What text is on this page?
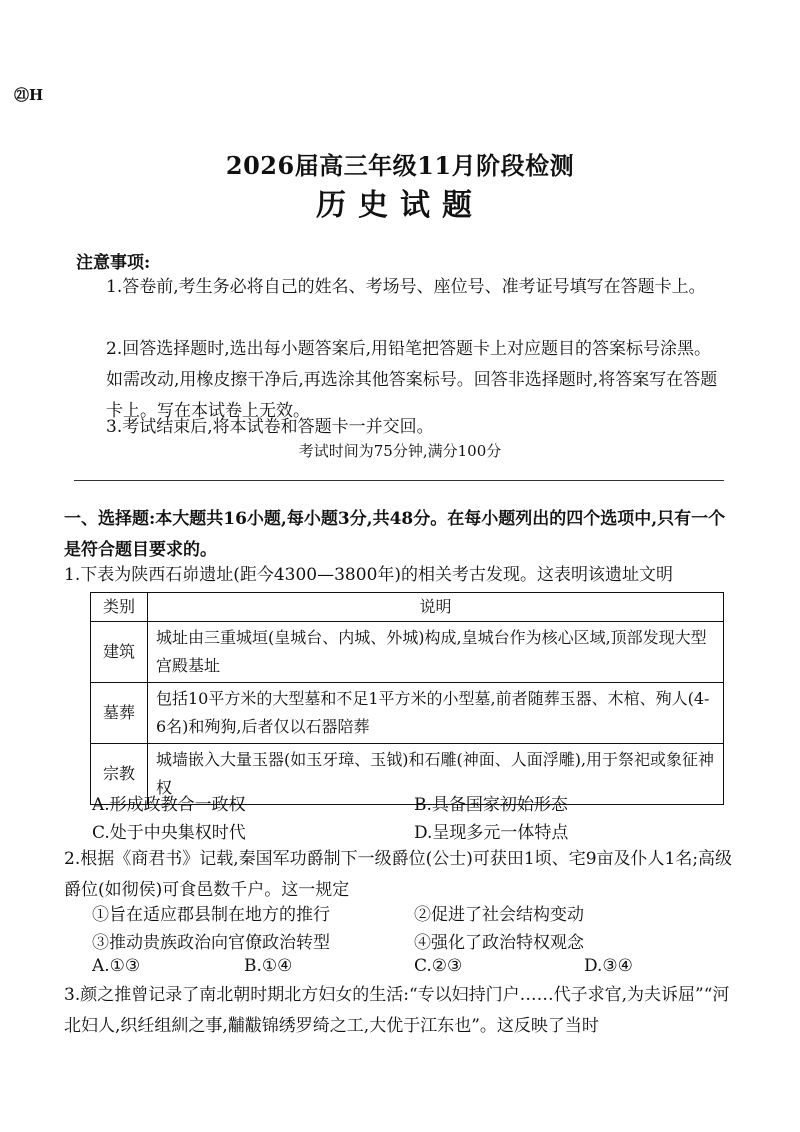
㉑H
2026届高三年级11月阶段检测
历史试题
注意事项:
1.答卷前,考生务必将自己的姓名、考场号、座位号、准考证号填写在答题卡上。
2.回答选择题时,选出每小题答案后,用铅笔把答题卡上对应题目的答案标号涂黑。如需改动,用橡皮擦干净后,再选涂其他答案标号。回答非选择题时,将答案写在答题卡上。写在本试卷上无效。
3.考试结束后,将本试卷和答题卡一并交回。
考试时间为75分钟,满分100分
一、选择题:本大题共16小题,每小题3分,共48分。在每小题列出的四个选项中,只有一个是符合题目要求的。
1.下表为陕西石峁遗址(距今4300—3800年)的相关考古发现。这表明该遗址文明
类别	说明
建筑	城址由三重城垣(皇城台、内城、外城)构成,皇城台作为核心区域,顶部发现大型宫殿基址
墓葬	包括10平方米的大型墓和不足1平方米的小型墓,前者随葬玉器、木棺、殉人(4-6名)和殉狗,后者仅以石器陪葬
宗教	城墙嵌入大量玉器(如玉牙璋、玉钺)和石雕(神面、人面浮雕),用于祭祀或象征神权
A.形成政教合一政权	B.具备国家初始形态
C.处于中央集权时代	D.呈现多元一体特点
2.根据《商君书》记载,秦国军功爵制下一级爵位(公士)可获田1顷、宅9亩及仆人1名;高级爵位(如彻侯)可食邑数千户。这一规定
①旨在适应郡县制在地方的推行	②促进了社会结构变动
③推动贵族政治向官僚政治转型	④强化了政治特权观念
A.①③	B.①④	C.②③	D.③④
3.颜之推曾记录了南北朝时期北方妇女的生活:“专以妇持门户……代子求官,为夫诉屈”“河北妇人,织纴组紃之事,黼黻锦绣罗绮之工,大优于江东也”。这反映了当时
